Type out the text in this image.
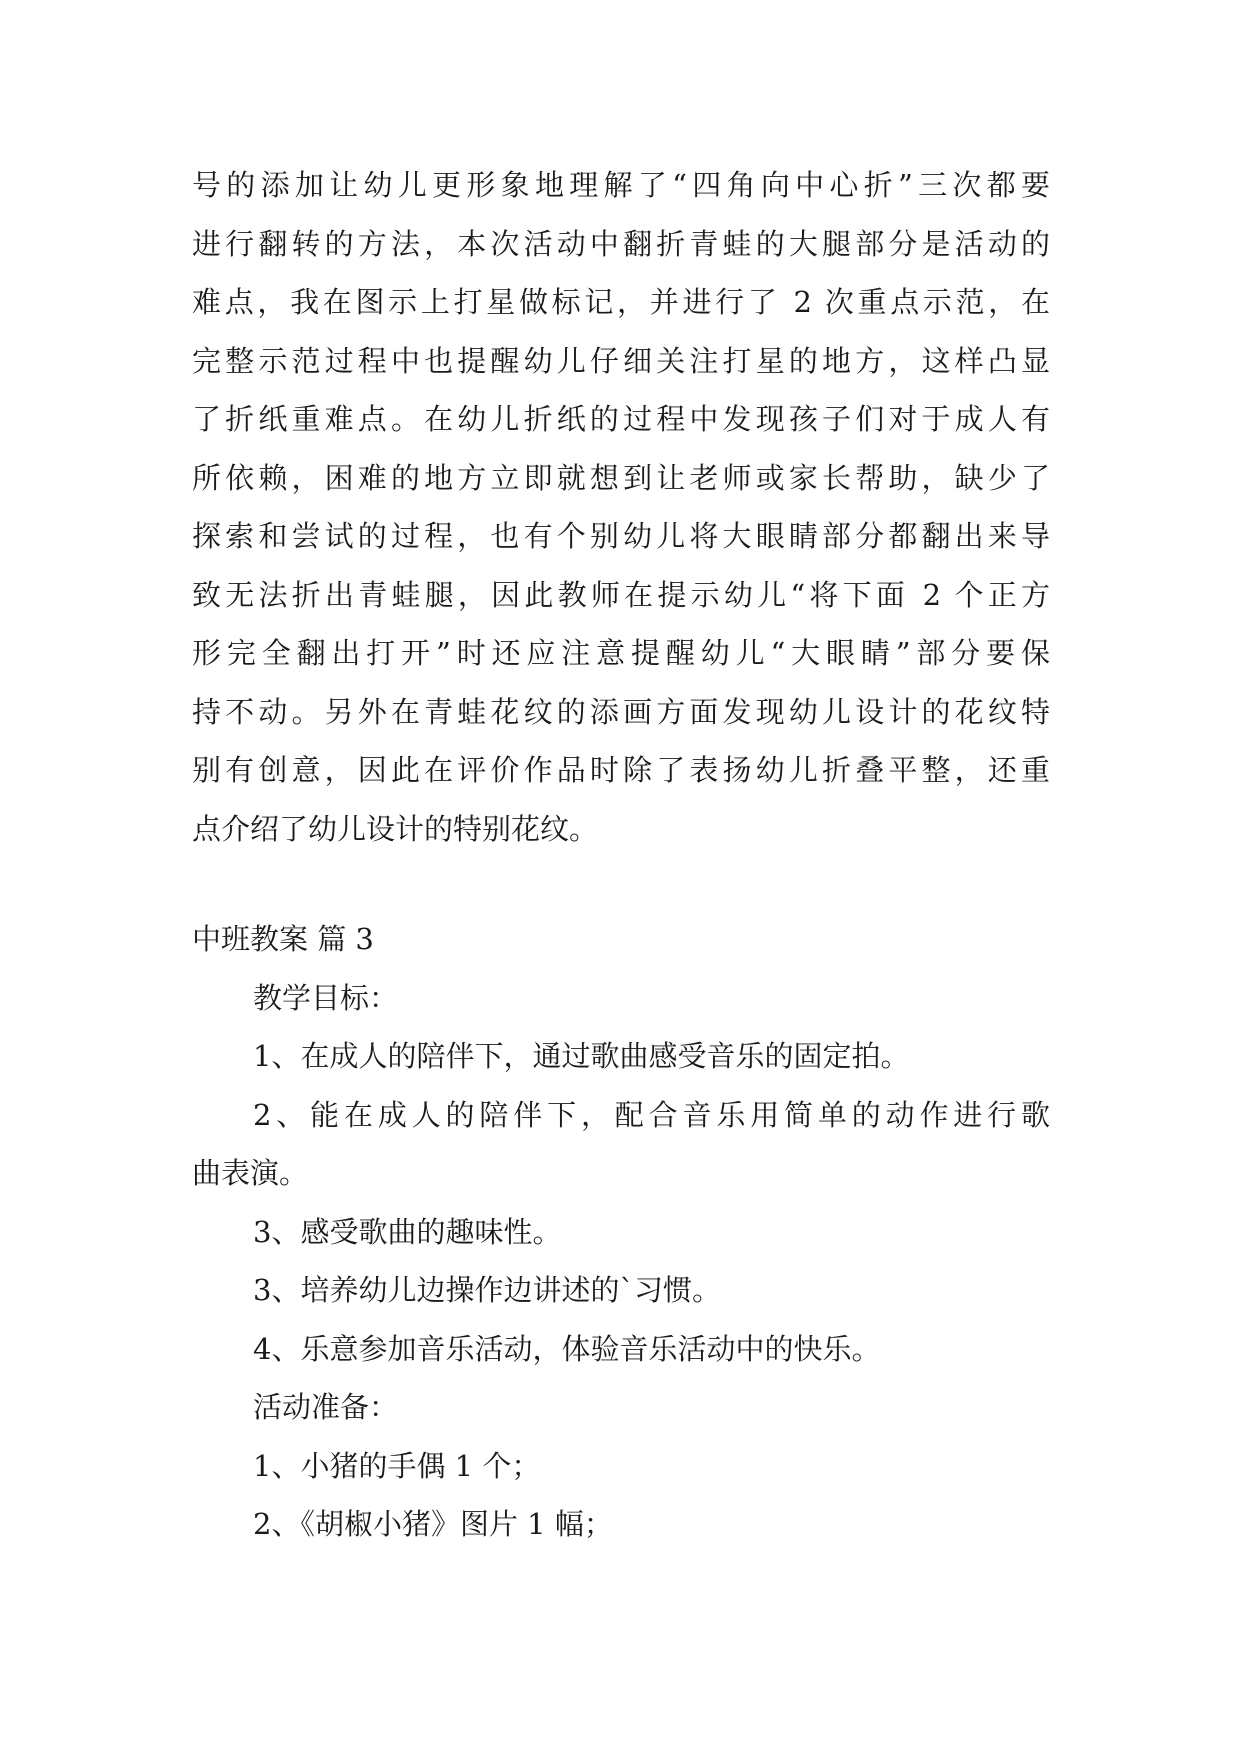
号的添加让幼儿更形象地理解了“四角向中心折”三次都要
进行翻转的方法，本次活动中翻折青蛙的大腿部分是活动的
难点，我在图示上打星做标记，并进行了 2 次重点示范，在
完整示范过程中也提醒幼儿仔细关注打星的地方，这样凸显
了折纸重难点。在幼儿折纸的过程中发现孩子们对于成人有
所依赖，困难的地方立即就想到让老师或家长帮助，缺少了
探索和尝试的过程，也有个别幼儿将大眼睛部分都翻出来导
致无法折出青蛙腿，因此教师在提示幼儿“将下面 2 个正方
形完全翻出打开”时还应注意提醒幼儿“大眼睛”部分要保
持不动。另外在青蛙花纹的添画方面发现幼儿设计的花纹特
别有创意，因此在评价作品时除了表扬幼儿折叠平整，还重
点介绍了幼儿设计的特别花纹。
中班教案 篇 3
教学目标：
1、在成人的陪伴下，通过歌曲感受音乐的固定拍。
2、能在成人的陪伴下，配合音乐用简单的动作进行歌
曲表演。
3、感受歌曲的趣味性。
3、培养幼儿边操作边讲述的`习惯。
4、乐意参加音乐活动，体验音乐活动中的快乐。
活动准备：
1、小猪的手偶 1 个；
2、《胡椒小猪》图片 1 幅；
